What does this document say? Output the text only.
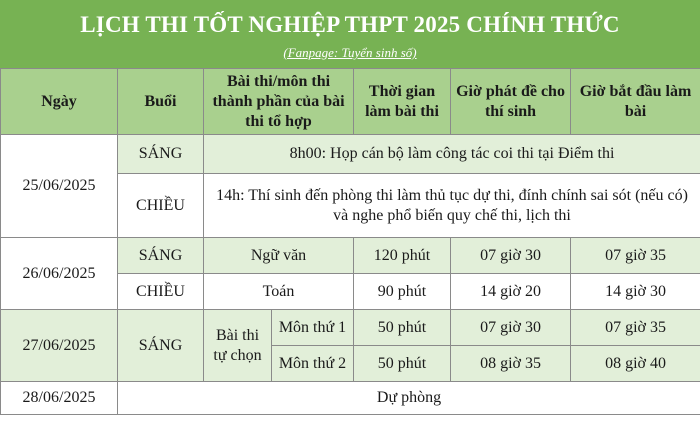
LỊCH THI TỐT NGHIỆP THPT 2025 CHÍNH THỨC
(Fanpage: Tuyển sinh số)
Ngày	Buổi	Bài thi/môn thi thành phần của bài thi tổ hợp		Thời gian làm bài thi	Giờ phát đề cho thí sinh	Giờ bắt đầu làm bài
25/06/2025	SÁNG	8h00: Họp cán bộ làm công tác coi thi tại Điểm thi				
	CHIỀU	14h: Thí sinh đến phòng thi làm thủ tục dự thi, đính chính sai sót (nếu có) và nghe phổ biến quy chế thi, lịch thi				
26/06/2025	SÁNG	Ngữ văn		120 phút	07 giờ 30	07 giờ 35
	CHIỀU	Toán		90 phút	14 giờ 20	14 giờ 30
27/06/2025	SÁNG	Bài thi tự chọn	Môn thứ 1	50 phút	07 giờ 30	07 giờ 35
			Môn thứ 2	50 phút	08 giờ 35	08 giờ 40
28/06/2025	Dự phòng					
